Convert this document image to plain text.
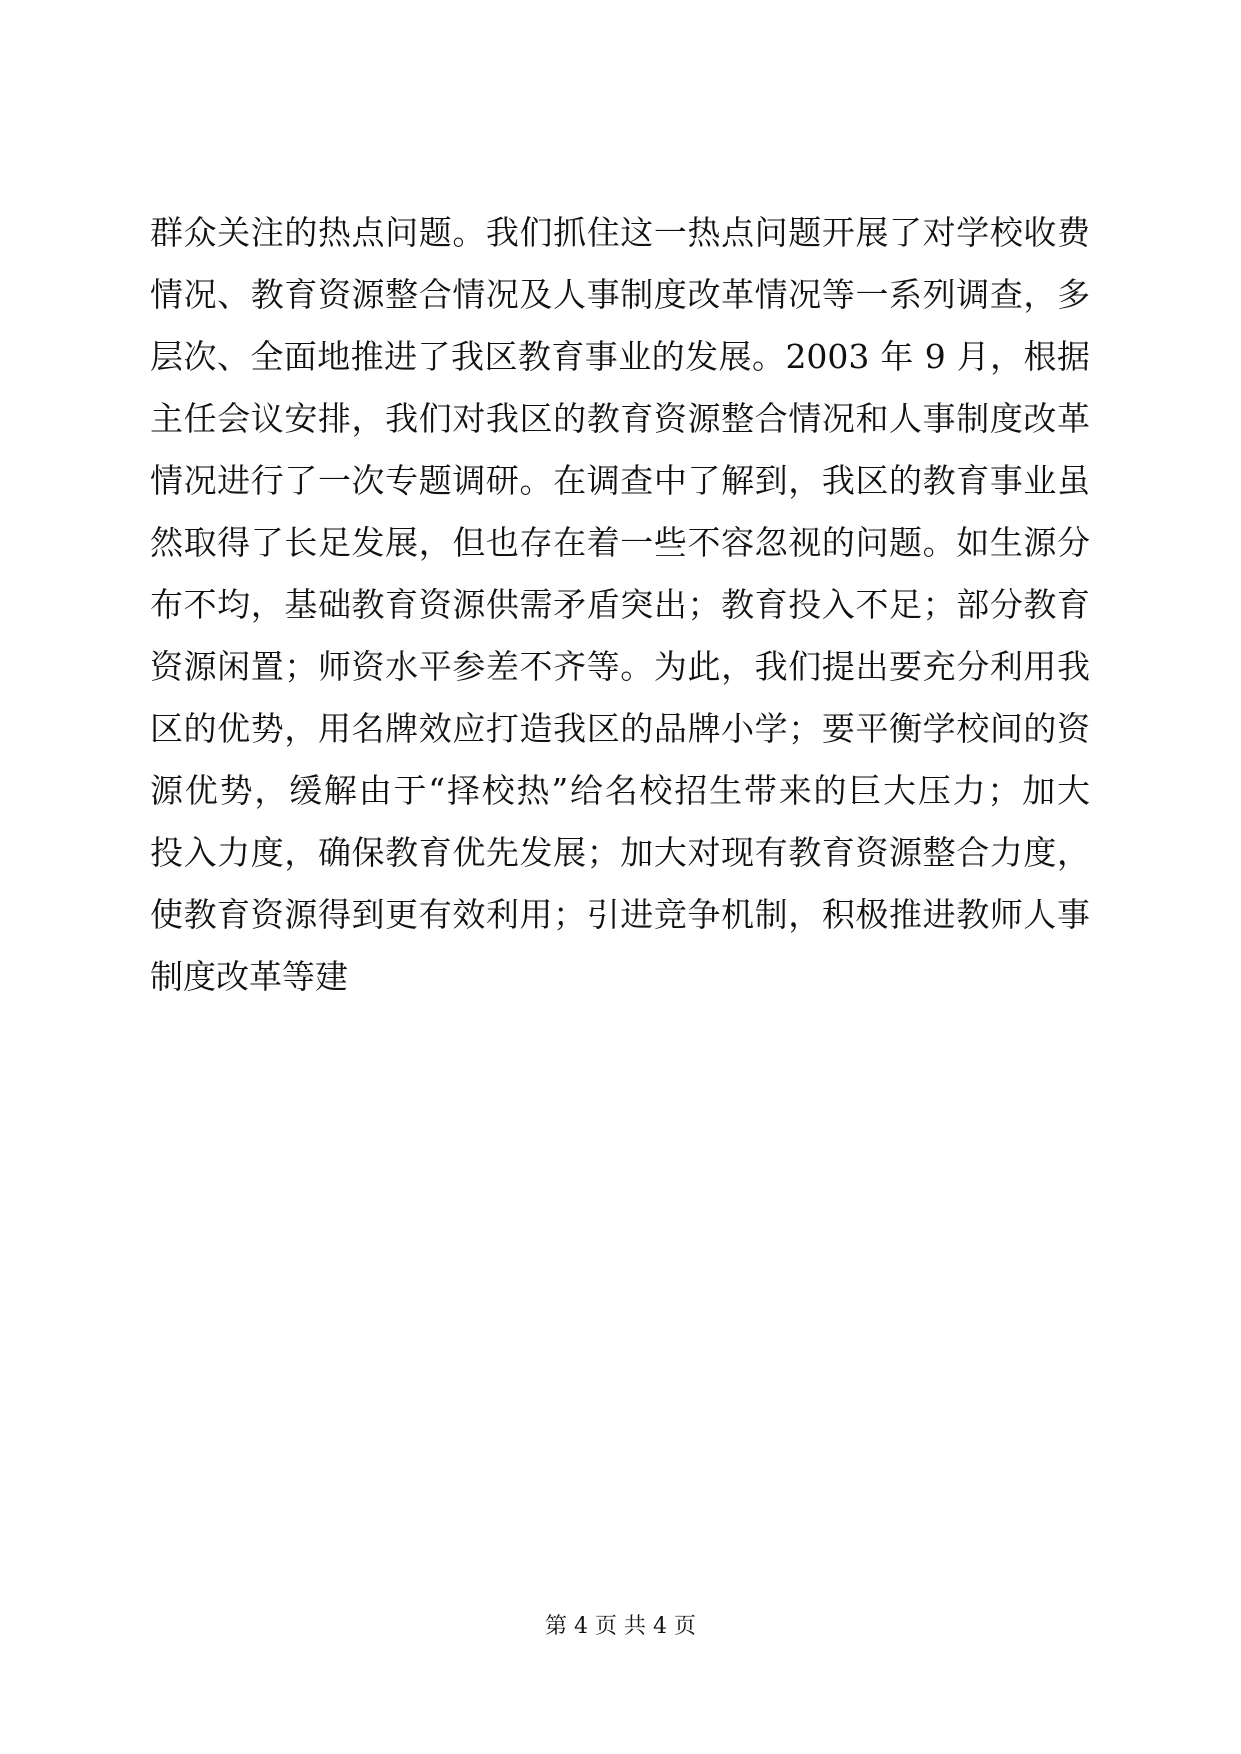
群众关注的热点问题。我们抓住这一热点问题开展了对学校收费
情况、教育资源整合情况及人事制度改革情况等一系列调查，多
层次、全面地推进了我区教育事业的发展。2003 年 9 月，根据
主任会议安排，我们对我区的教育资源整合情况和人事制度改革
情况进行了一次专题调研。在调查中了解到，我区的教育事业虽
然取得了长足发展，但也存在着一些不容忽视的问题。如生源分
布不均，基础教育资源供需矛盾突出；教育投入不足；部分教育
资源闲置；师资水平参差不齐等。为此，我们提出要充分利用我
区的优势，用名牌效应打造我区的品牌小学；要平衡学校间的资
源优势，缓解由于“择校热”给名校招生带来的巨大压力；加大
投入力度，确保教育优先发展；加大对现有教育资源整合力度，
使教育资源得到更有效利用；引进竞争机制，积极推进教师人事
制度改革等建
第 4 页 共 4 页
